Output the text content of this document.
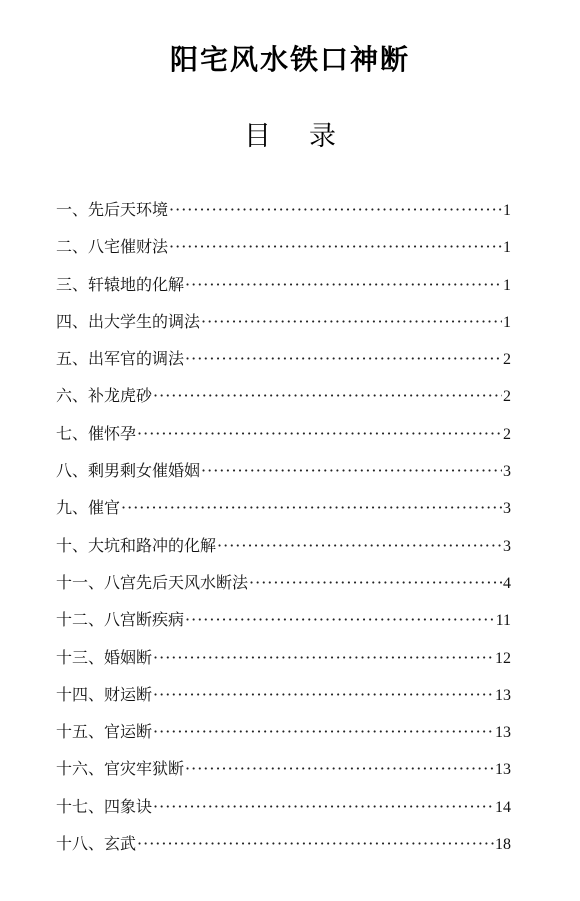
阳宅风水铁口神断
目 录
一、先后天环境 ·····	1
二、八宅催财法 ·····	1
三、轩辕地的化解 ·····	1
四、出大学生的调法 ·····	1
五、出军官的调法 ·····	2
六、补龙虎砂 ·····	2
七、催怀孕 ·····	2
八、剩男剩女催婚姻 ·····	3
九、催官 ·····	3
十、大坑和路冲的化解 ·····	3
十一、八宫先后天风水断法 ·····	4
十二、八宫断疾病 ·····	11
十三、婚姻断 ·····	12
十四、财运断 ·····	13
十五、官运断 ·····	13
十六、官灾牢狱断 ·····	13
十七、四象诀 ·····	14
十八、玄武 ·····	18
